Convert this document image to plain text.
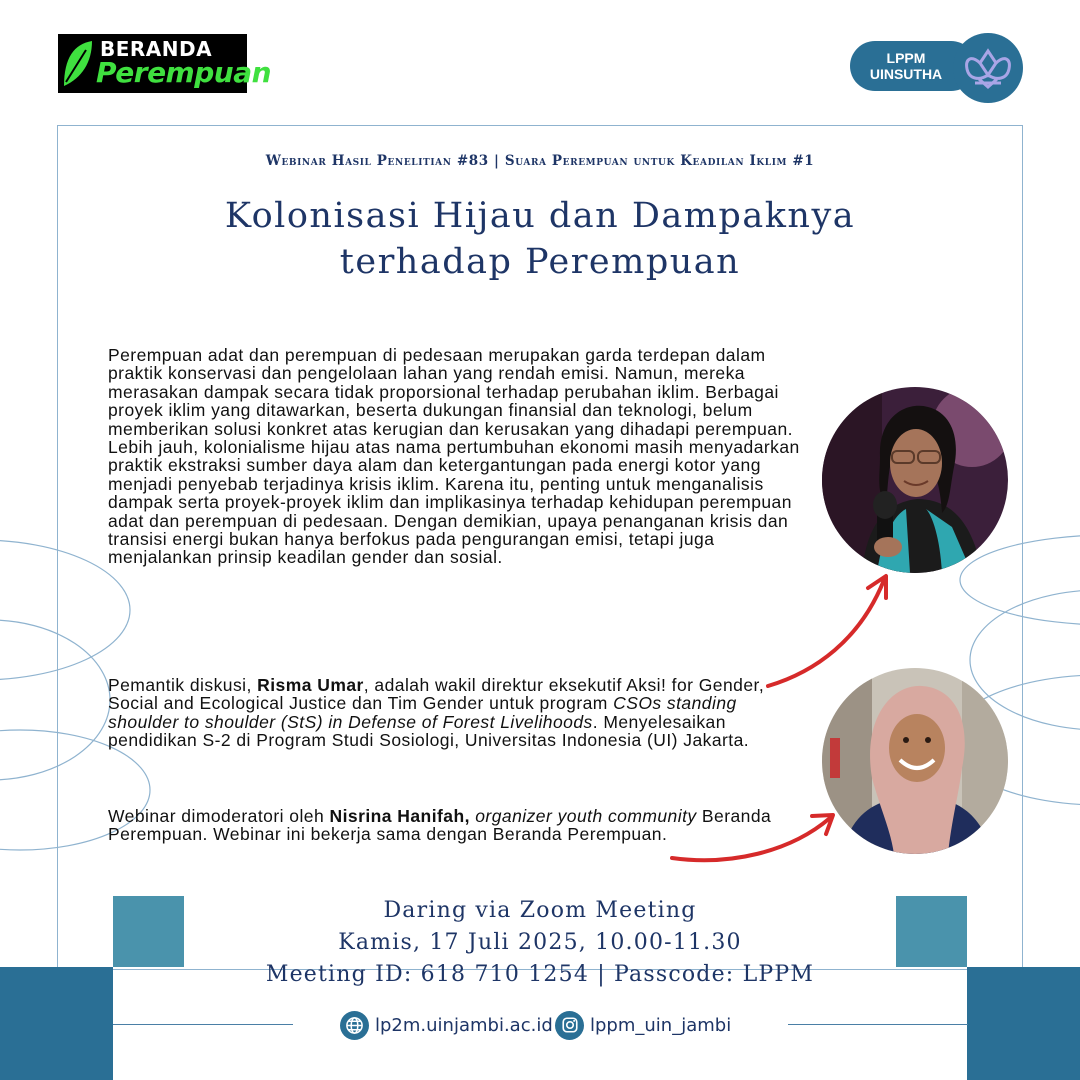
BERANDA
Perempuan	LPPM
UINSUTHA
Webinar Hasil Penelitian #83 | Suara Perempuan untuk Keadilan Iklim #1
Kolonisasi Hijau dan Dampaknya
terhadap Perempuan
Perempuan adat dan perempuan di pedesaan merupakan garda terdepan dalam praktik konservasi dan pengelolaan lahan yang rendah emisi. Namun, mereka merasakan dampak secara tidak proporsional terhadap perubahan iklim. Berbagai proyek iklim yang ditawarkan, beserta dukungan finansial dan teknologi, belum memberikan solusi konkret atas kerugian dan kerusakan yang dihadapi perempuan. Lebih jauh, kolonialisme hijau atas nama pertumbuhan ekonomi masih menyadarkan praktik ekstraksi sumber daya alam dan ketergantungan pada energi kotor yang menjadi penyebab terjadinya krisis iklim. Karena itu, penting untuk menganalisis dampak serta proyek-proyek iklim dan implikasinya terhadap kehidupan perempuan adat dan perempuan di pedesaan. Dengan demikian, upaya penanganan krisis dan transisi energi bukan hanya berfokus pada pengurangan emisi, tetapi juga menjalankan prinsip keadilan gender dan sosial.
Pemantik diskusi, Risma Umar, adalah wakil direktur eksekutif Aksi! for Gender, Social and Ecological Justice dan Tim Gender untuk program CSOs standing shoulder to shoulder (StS) in Defense of Forest Livelihoods. Menyelesaikan pendidikan S-2 di Program Studi Sosiologi, Universitas Indonesia (UI) Jakarta.
Webinar dimoderatori oleh Nisrina Hanifah, organizer youth community Beranda Perempuan. Webinar ini bekerja sama dengan Beranda Perempuan.
Daring via Zoom Meeting
Kamis, 17 Juli 2025, 10.00-11.30
Meeting ID: 618 710 1254 | Passcode: LPPM
lp2m.uinjambi.ac.id lppm_uin_jambi
